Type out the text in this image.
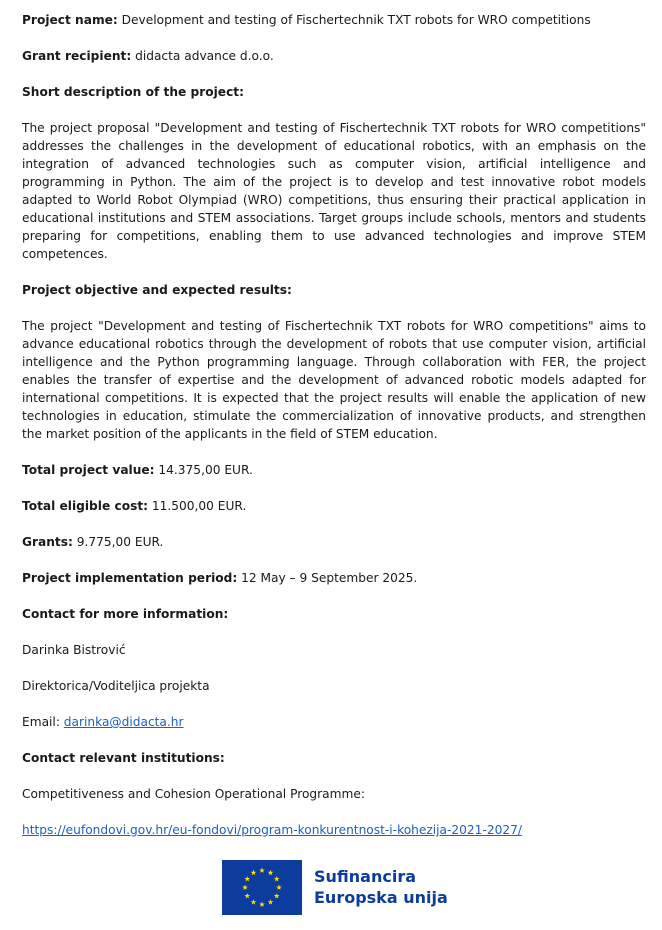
Project name: Development and testing of Fischertechnik TXT robots for WRO competitions

Grant recipient: didacta advance d.o.o.

Short description of the project:

The project proposal "Development and testing of Fischertechnik TXT robots for WRO competitions" addresses the challenges in the development of educational robotics, with an emphasis on the integration of advanced technologies such as computer vision, artificial intelligence and programming in Python. The aim of the project is to develop and test innovative robot models adapted to World Robot Olympiad (WRO) competitions, thus ensuring their practical application in educational institutions and STEM associations. Target groups include schools, mentors and students preparing for competitions, enabling them to use advanced technologies and improve STEM competences.

Project objective and expected results:

The project "Development and testing of Fischertechnik TXT robots for WRO competitions" aims to advance educational robotics through the development of robots that use computer vision, artificial intelligence and the Python programming language. Through collaboration with FER, the project enables the transfer of expertise and the development of advanced robotic models adapted for international competitions. It is expected that the project results will enable the application of new technologies in education, stimulate the commercialization of innovative products, and strengthen the market position of the applicants in the field of STEM education.

Total project value: 14.375,00 EUR.

Total eligible cost: 11.500,00 EUR.

Grants: 9.775,00 EUR.

Project implementation period: 12 May – 9 September 2025.

Contact for more information:

Darinka Bistrović

Direktorica/Voditeljica projekta

Email: darinka@didacta.hr

Contact relevant institutions:

Competitiveness and Cohesion Operational Programme:

https://eufondovi.gov.hr/eu-fondovi/program-konkurentnost-i-kohezija-2021-2027/

Sufinancira
Europska unija
